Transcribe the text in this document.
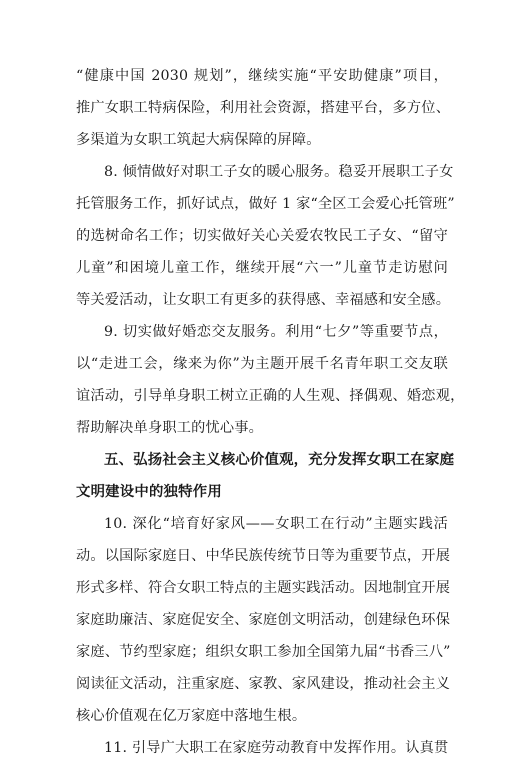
“健康中国 2030 规划”，继续实施“平安助健康”项目，
推广女职工特病保险，利用社会资源，搭建平台，多方位、
多渠道为女职工筑起大病保障的屏障。
8. 倾情做好对职工子女的暖心服务。稳妥开展职工子女
托管服务工作，抓好试点，做好 1 家“全区工会爱心托管班”
的选树命名工作；切实做好关心关爱农牧民工子女、“留守
儿童”和困境儿童工作，继续开展“六一”儿童节走访慰问
等关爱活动，让女职工有更多的获得感、幸福感和安全感。
9. 切实做好婚恋交友服务。利用“七夕”等重要节点，
以“走进工会，缘来为你”为主题开展千名青年职工交友联
谊活动，引导单身职工树立正确的人生观、择偶观、婚恋观，
帮助解决单身职工的忧心事。
五、弘扬社会主义核心价值观，充分发挥女职工在家庭
文明建设中的独特作用
10. 深化“培育好家风——女职工在行动”主题实践活
动。以国际家庭日、中华民族传统节日等为重要节点，开展
形式多样、符合女职工特点的主题实践活动。因地制宜开展
家庭助廉洁、家庭促安全、家庭创文明活动，创建绿色环保
家庭、节约型家庭；组织女职工参加全国第九届“书香三八”
阅读征文活动，注重家庭、家教、家风建设，推动社会主义
核心价值观在亿万家庭中落地生根。
11. 引导广大职工在家庭劳动教育中发挥作用。认真贯
